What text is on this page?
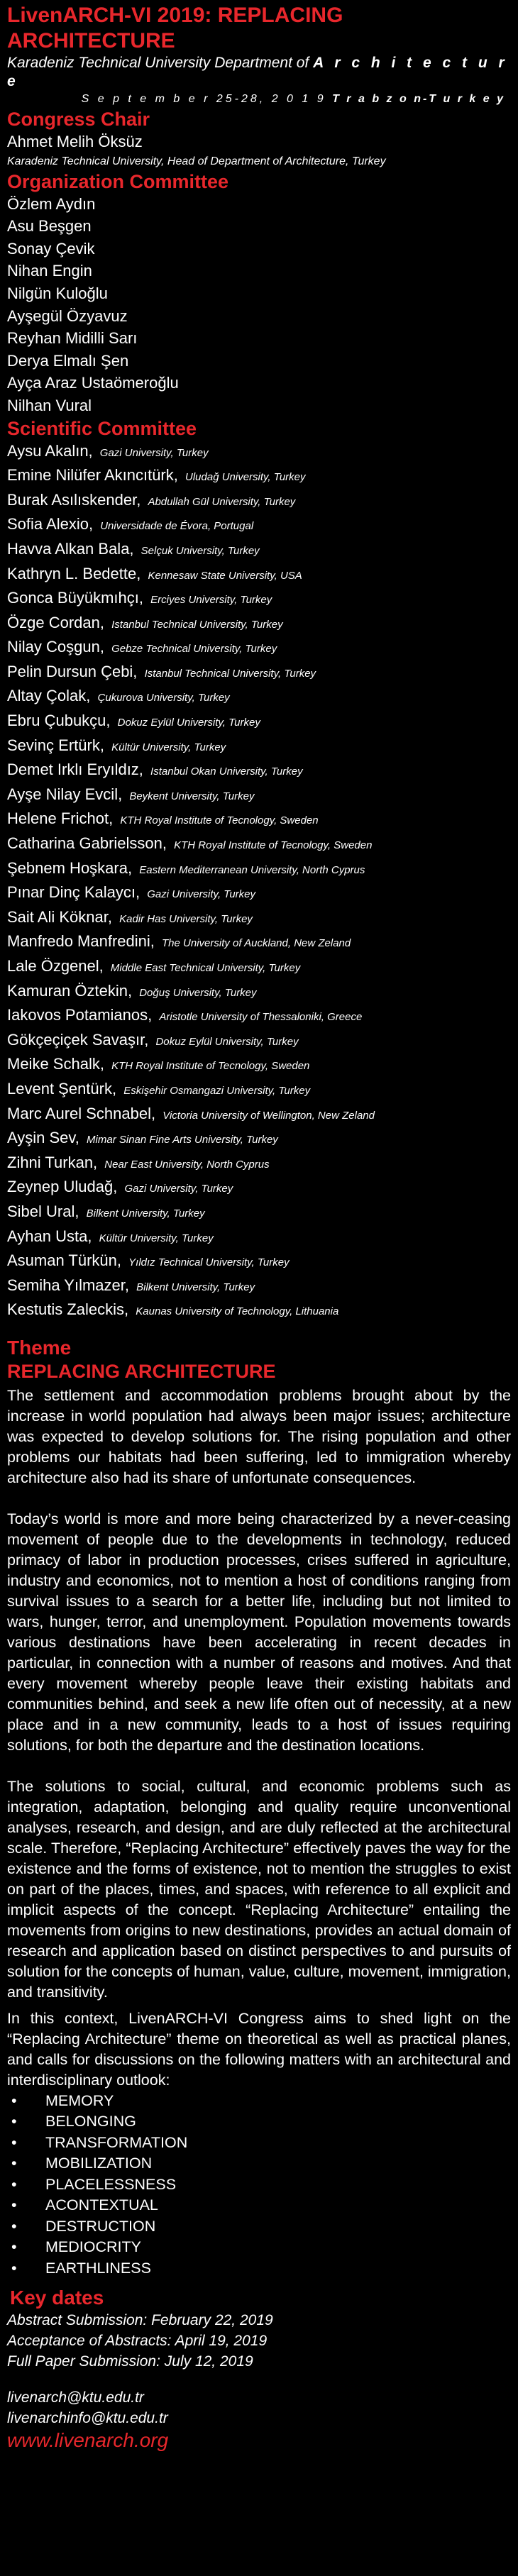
LivenARCH-VI 2019: REPLACING ARCHITECTURE
Karadeniz Technical University Department of A r c h i t e c t u r e
S e p t e m b e r 25-28, 2 0 1 9 T r a b z o n-T u r k e y
Congress Chair
Ahmet Melih Öksüz
Karadeniz Technical University, Head of Department of Architecture, Turkey
Organization Committee
Özlem Aydın
Asu Beşgen
Sonay Çevik
Nihan Engin
Nilgün Kuloğlu
Ayşegül Özyavuz
Reyhan Midilli Sarı
Derya Elmalı Şen
Ayça Araz Ustaömeroğlu
Nilhan Vural
Scientific Committee
Aysu Akalın, Gazi University, Turkey
Emine Nilüfer Akıncıtürk, Uludağ University, Turkey
Burak Asılıskender, Abdullah Gül University, Turkey
Sofia Alexio, Universidade de Évora, Portugal
Havva Alkan Bala, Selçuk University, Turkey
Kathryn L. Bedette, Kennesaw State University, USA
Gonca Büyükmıhçı, Erciyes University, Turkey
Özge Cordan, Istanbul Technical University, Turkey
Nilay Coşgun, Gebze Technical University, Turkey
Pelin Dursun Çebi, Istanbul Technical University, Turkey
Altay Çolak, Çukurova University, Turkey
Ebru Çubukçu, Dokuz Eylül University, Turkey
Sevinç Ertürk, Kültür University, Turkey
Demet Irklı Eryıldız, Istanbul Okan University, Turkey
Ayşe Nilay Evcil, Beykent University, Turkey
Helene Frichot, KTH Royal Institute of Tecnology, Sweden
Catharina Gabrielsson, KTH Royal Institute of Tecnology, Sweden
Şebnem Hoşkara, Eastern Mediterranean University, North Cyprus
Pınar Dinç Kalaycı, Gazi University, Turkey
Sait Ali Köknar, Kadir Has University, Turkey
Manfredo Manfredini, The University of Auckland, New Zeland
Lale Özgenel, Middle East Technical University, Turkey
Kamuran Öztekin, Doğuş University, Turkey
Iakovos Potamianos, Aristotle University of Thessaloniki, Greece
Gökçeçiçek Savaşır, Dokuz Eylül University, Turkey
Meike Schalk, KTH Royal Institute of Tecnology, Sweden
Levent Şentürk, Eskişehir Osmangazi University, Turkey
Marc Aurel Schnabel, Victoria University of Wellington, New Zeland
Ayşin Sev, Mimar Sinan Fine Arts University, Turkey
Zihni Turkan, Near East University, North Cyprus
Zeynep Uludağ, Gazi University, Turkey
Sibel Ural, Bilkent University, Turkey
Ayhan Usta, Kültür University, Turkey
Asuman Türkün, Yıldız Technical University, Turkey
Semiha Yılmazer, Bilkent University, Turkey
Kestutis Zaleckis, Kaunas University of Technology, Lithuania
Theme
REPLACING ARCHITECTURE

The settlement and accommodation problems brought about by the increase in world population had always been major issues; architecture was expected to develop solutions for. The rising population and other problems our habitats had been suffering, led to immigration whereby architecture also had its share of unfortunate consequences.

Today’s world is more and more being characterized by a never-ceasing movement of people due to the developments in technology, reduced primacy of labor in production processes, crises suffered in agriculture, industry and economics, not to mention a host of conditions ranging from survival issues to a search for a better life, including but not limited to wars, hunger, terror, and unemployment. Population movements towards various destinations have been accelerating in recent decades in particular, in connection with a number of reasons and motives. And that every movement whereby people leave their existing habitats and communities behind, and seek a new life often out of necessity, at a new place and in a new community, leads to a host of issues requiring solutions, for both the departure and the destination locations.

The solutions to social, cultural, and economic problems such as integration, adaptation, belonging and quality require unconventional analyses, research, and design, and are duly reflected at the architectural scale. Therefore, “Replacing Architecture” effectively paves the way for the existence and the forms of existence, not to mention the struggles to exist on part of the places, times, and spaces, with reference to all explicit and implicit aspects of the concept. “Replacing Architecture” entailing the movements from origins to new destinations, provides an actual domain of research and application based on distinct perspectives to and pursuits of solution for the concepts of human, value, culture, movement, immigration, and transitivity.

In this context, LivenARCH-VI Congress aims to shed light on the “Replacing Architecture” theme on theoretical as well as practical planes, and calls for discussions on the following matters with an architectural and interdisciplinary outlook:

•	MEMORY
•	BELONGING
•	TRANSFORMATION
•	MOBILIZATION
•	PLACELESSNESS
•	ACONTEXTUAL
•	DESTRUCTION
•	MEDIOCRITY
•	EARTHLINESS
Key dates
Abstract Submission: February 22, 2019
Acceptance of Abstracts: April 19, 2019
Full Paper Submission: July 12, 2019
livenarch@ktu.edu.tr
livenarchinfo@ktu.edu.tr
www.livenarch.org
